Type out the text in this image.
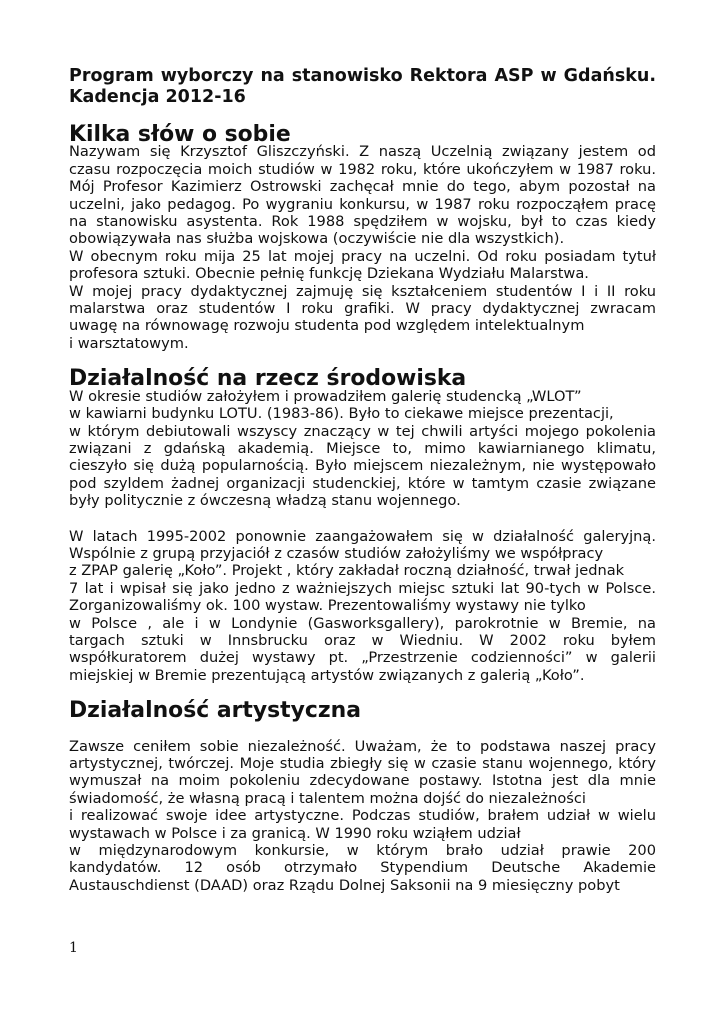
Program wyborczy na stanowisko Rektora ASP w Gdańsku.
Kadencja 2012-16
Kilka słów o sobie

Nazywam się Krzysztof Gliszczyński. Z naszą Uczelnią związany jestem od
czasu rozpoczęcia moich studiów w 1982 roku, które ukończyłem w 1987 roku.
Mój Profesor Kazimierz Ostrowski zachęcał mnie do tego, abym pozostał na
uczelni, jako pedagog. Po wygraniu konkursu, w 1987 roku rozpocząłem pracę
na stanowisku asystenta. Rok 1988 spędziłem w wojsku, był to czas kiedy
obowiązywała nas służba wojskowa (oczywiście nie dla wszystkich).
W obecnym roku mija 25 lat mojej pracy na uczelni. Od roku posiadam tytuł
profesora sztuki. Obecnie pełnię funkcję Dziekana Wydziału Malarstwa.
W mojej pracy dydaktycznej zajmuję się kształceniem studentów I i II roku
malarstwa oraz studentów I roku grafiki. W pracy dydaktycznej zwracam
uwagę na równowagę rozwoju studenta pod względem intelektualnym
i warsztatowym.

Działalność na rzecz środowiska

W okresie studiów założyłem i prowadziłem galerię studencką „WLOT”
w kawiarni budynku LOTU. (1983-86). Było to ciekawe miejsce prezentacji,
w którym debiutowali wszyscy znaczący w tej chwili artyści mojego pokolenia
związani z gdańską akademią. Miejsce to, mimo kawiarnianego klimatu,
cieszyło się dużą popularnością. Było miejscem niezależnym, nie występowało
pod szyldem żadnej organizacji studenckiej, które w tamtym czasie związane
były politycznie z ówczesną władzą stanu wojennego.

W latach 1995-2002 ponownie zaangażowałem się w działalność galeryjną.
Wspólnie z grupą przyjaciół z czasów studiów założyliśmy we współpracy
z ZPAP galerię „Koło”. Projekt , który zakładał roczną działność, trwał jednak
7 lat i wpisał się jako jedno z ważniejszych miejsc sztuki lat 90-tych w Polsce.
Zorganizowaliśmy ok. 100 wystaw. Prezentowaliśmy wystawy nie tylko
w Polsce , ale i w Londynie (Gasworksgallery), parokrotnie w Bremie, na
targach sztuki w Innsbrucku oraz w Wiedniu. W 2002 roku byłem
współkuratorem dużej wystawy pt. „Przestrzenie codzienności” w galerii
miejskiej w Bremie prezentującą artystów związanych z galerią „Koło”.

Działalność artystyczna

Zawsze ceniłem sobie niezależność. Uważam, że to podstawa naszej pracy
artystycznej, twórczej. Moje studia zbiegły się w czasie stanu wojennego, który
wymuszał na moim pokoleniu zdecydowane postawy. Istotna jest dla mnie
świadomość, że własną pracą i talentem można dojść do niezależności
i realizować swoje idee artystyczne. Podczas studiów, brałem udział w wielu
wystawach w Polsce i za granicą. W 1990 roku wziąłem udział
w międzynarodowym konkursie, w którym brało udział prawie 200
kandydatów. 12 osób otrzymało Stypendium Deutsche Akademie
Austauschdienst (DAAD) oraz Rządu Dolnej Saksonii na 9 miesięczny pobyt

1
